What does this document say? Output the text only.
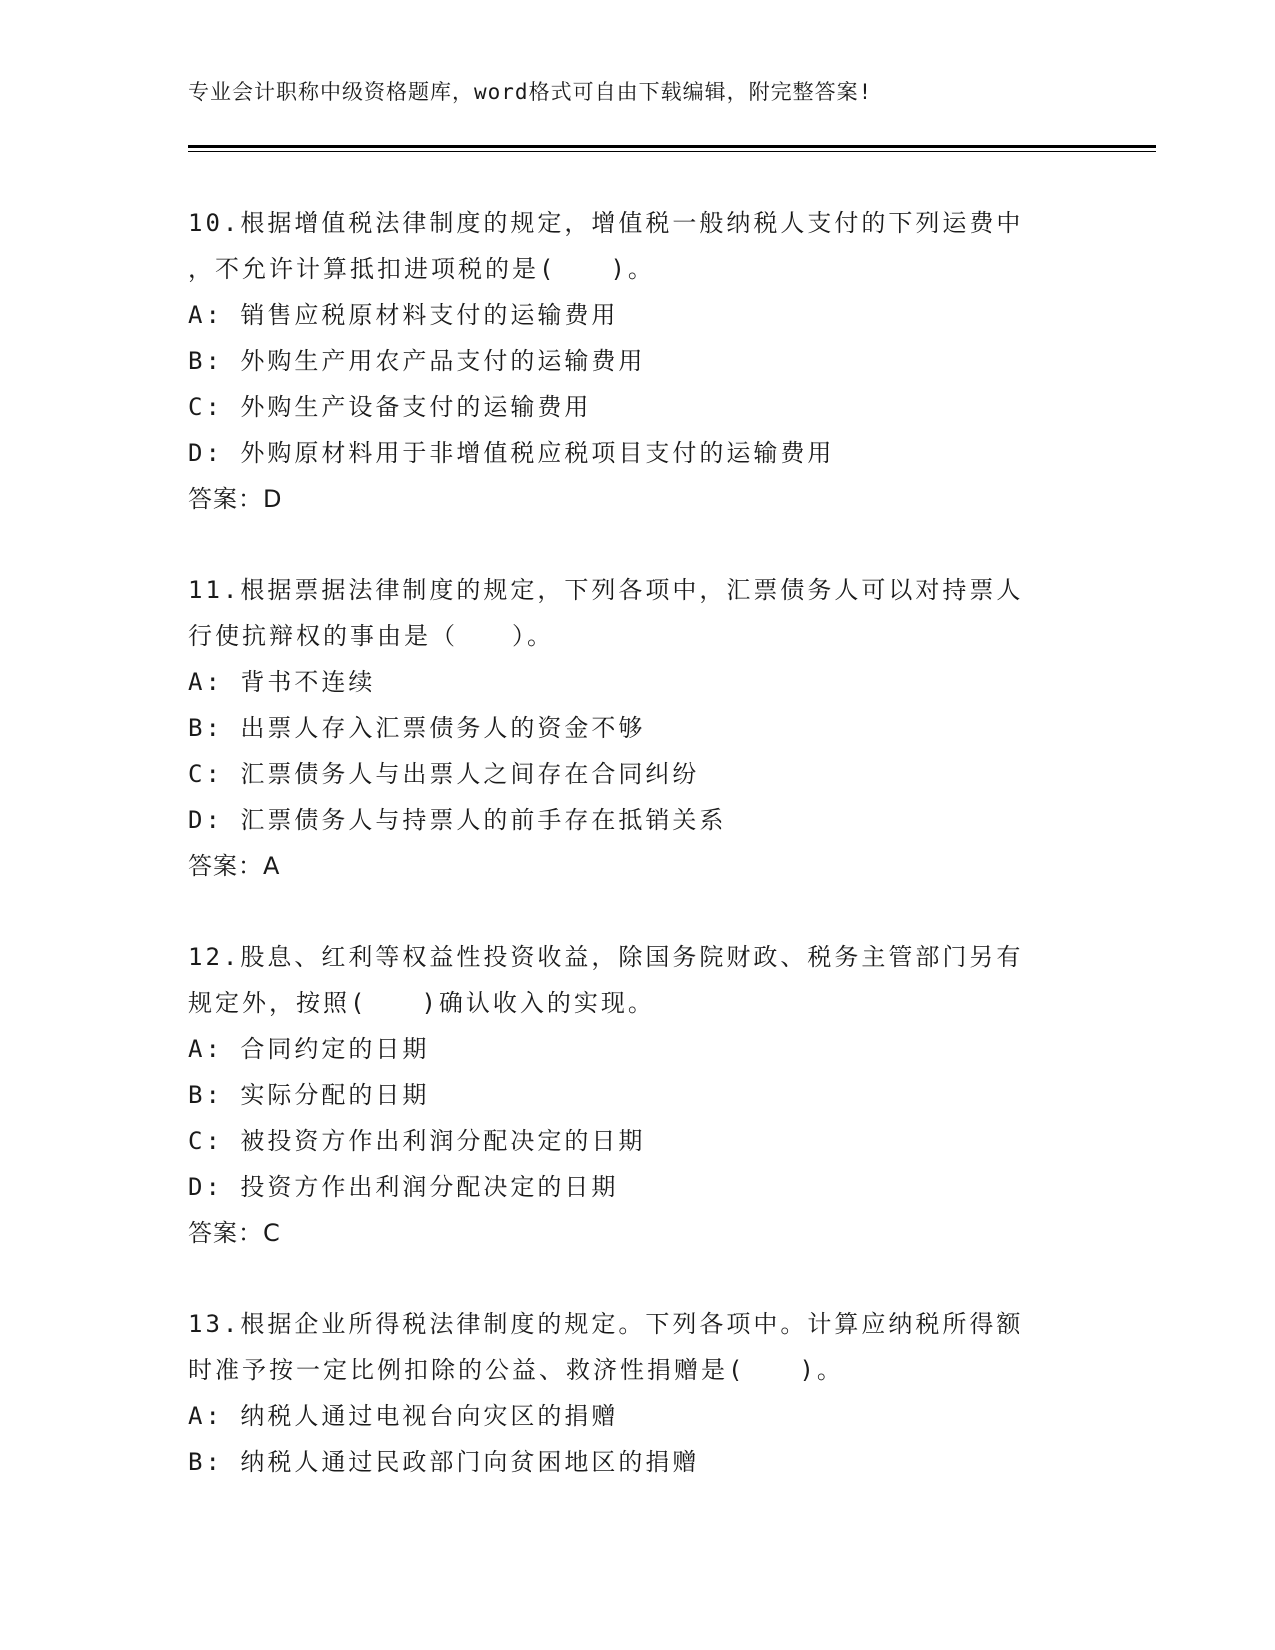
专业会计职称中级资格题库，word格式可自由下载编辑，附完整答案!
10.根据增值税法律制度的规定，增值税一般纳税人支付的下列运费中
，不允许计算抵扣进项税的是(　　)。
A: 销售应税原材料支付的运输费用
B: 外购生产用农产品支付的运输费用
C: 外购生产设备支付的运输费用
D: 外购原材料用于非增值税应税项目支付的运输费用
答案：D
11.根据票据法律制度的规定，下列各项中，汇票债务人可以对持票人
行使抗辩权的事由是（　　）。
A: 背书不连续
B: 出票人存入汇票债务人的资金不够
C: 汇票债务人与出票人之间存在合同纠纷
D: 汇票债务人与持票人的前手存在抵销关系
答案：A
12.股息、红利等权益性投资收益，除国务院财政、税务主管部门另有
规定外，按照(　　)确认收入的实现。
A: 合同约定的日期
B: 实际分配的日期
C: 被投资方作出利润分配决定的日期
D: 投资方作出利润分配决定的日期
答案：C
13.根据企业所得税法律制度的规定。下列各项中。计算应纳税所得额
时准予按一定比例扣除的公益、救济性捐赠是(　　)。
A: 纳税人通过电视台向灾区的捐赠
B: 纳税人通过民政部门向贫困地区的捐赠
